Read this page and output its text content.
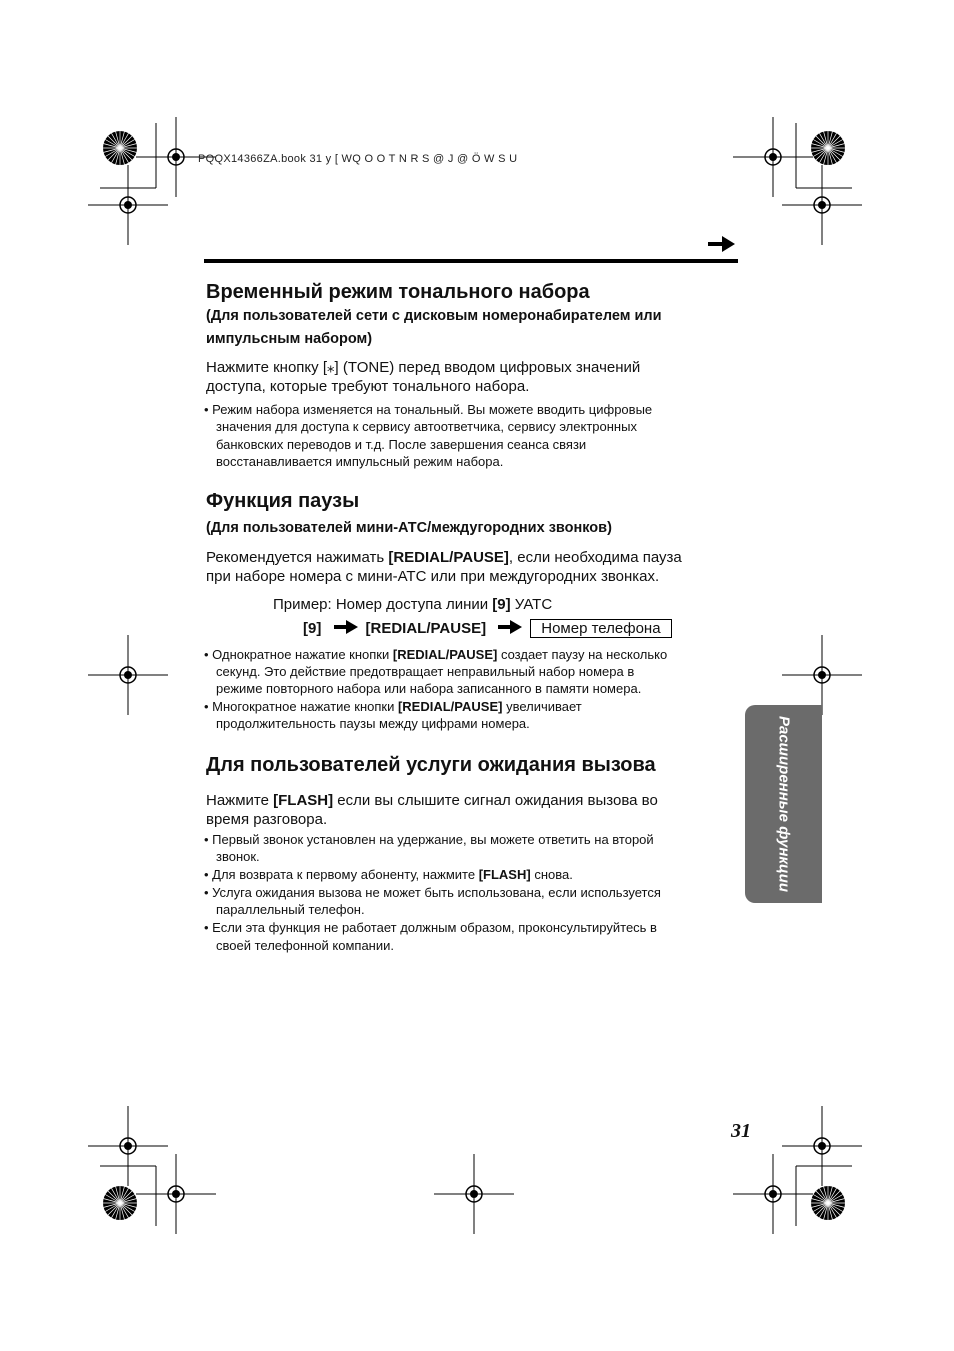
PQQX14366ZA.book 31 y [ WQ O O T N R S @ J @ Ö W S U
Временный режим тонального набора
(Для пользователей сети с дисковым номеронабирателем или
импульсным набором)
Нажмите кнопку [⁎] (TONE) перед вводом цифровых значений
доступа, которые требуют тонального набора.
• Режим набора изменяется на тональный. Вы можете вводить цифровые
значения для доступа к сервису автоответчика, сервису электронных
банковских переводов и т.д. После завершения сеанса связи
восстанавливается импульсный режим набора.
Функция паузы
(Для пользователей мини-АТС/междугородних звонков)
Рекомендуется нажимать [REDIAL/PAUSE], если необходима пауза
при наборе номера с мини-АТС или при междугородних звонках.
Пример: Номер доступа линии [9] УАТС
[9]	[REDIAL/PAUSE]	Номер телефона
• Однократное нажатие кнопки [REDIAL/PAUSE] создает паузу на несколько
секунд. Это действие предотвращает неправильный набор номера в
режиме повторного набора или набора записанного в памяти номера.
• Многократное нажатие кнопки [REDIAL/PAUSE] увеличивает
продолжительность паузы между цифрами номера.
Для пользователей услуги ожидания вызова
Нажмите [FLASH] если вы слышите сигнал ожидания вызова во
время разговора.
• Первый звонок установлен на удержание, вы можете ответить на второй
звонок.
• Для возврата к первому абоненту, нажмите [FLASH] снова.
• Услуга ожидания вызова не может быть использована, если используется
параллельный телефон.
• Если эта функция не работает должным образом, проконсультируйтесь в
своей телефонной компании.
Расширенные функции
31
